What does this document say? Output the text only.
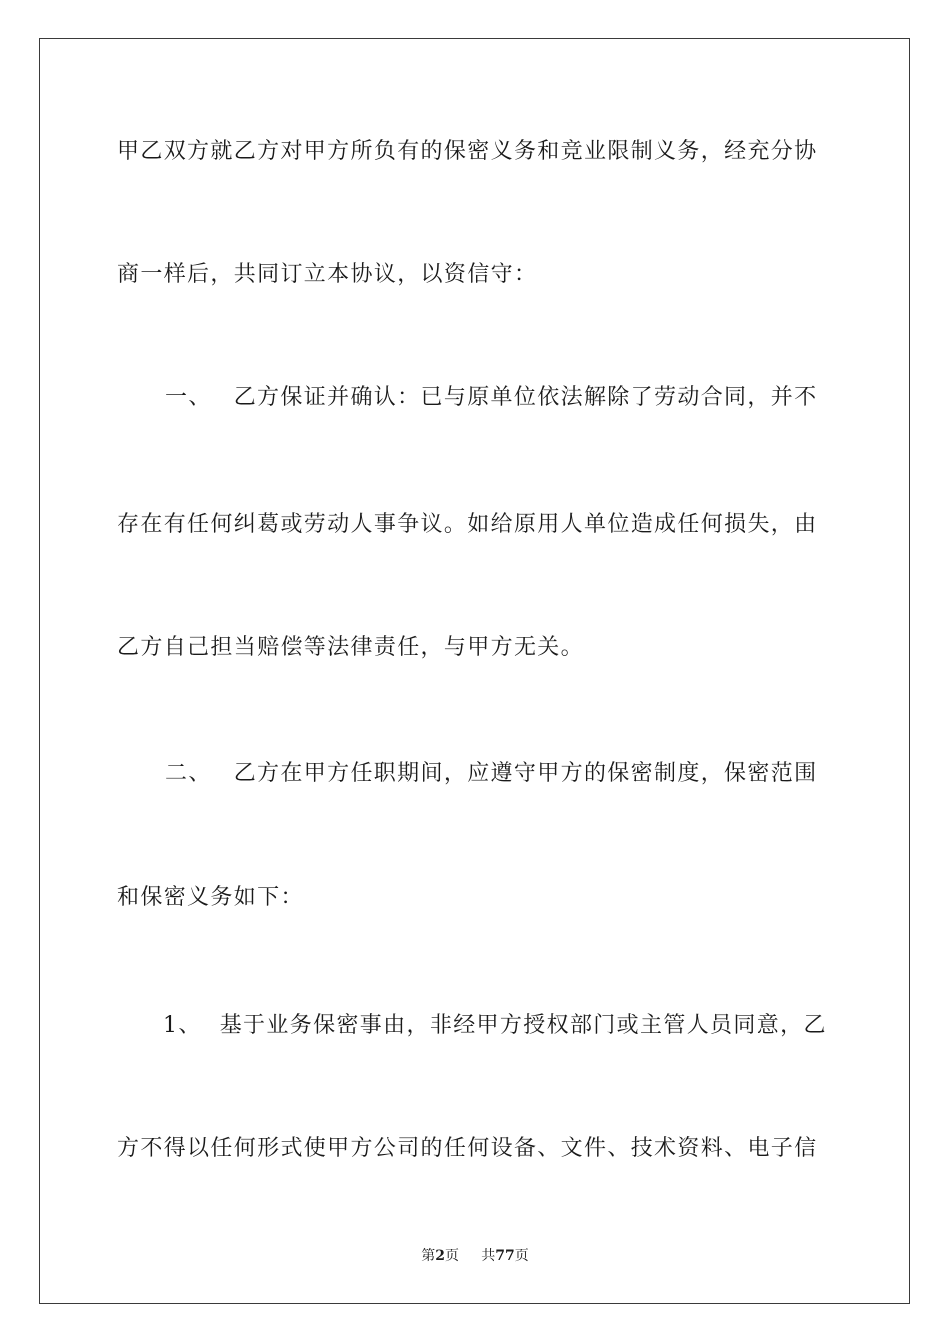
甲乙双方就乙方对甲方所负有的保密义务和竞业限制义务，经充分协
商一样后，共同订立本协议，以资信守：
一、 乙方保证并确认：已与原单位依法解除了劳动合同，并不
存在有任何纠葛或劳动人事争议。如给原用人单位造成任何损失，由
乙方自己担当赔偿等法律责任，与甲方无关。
二、 乙方在甲方任职期间，应遵守甲方的保密制度，保密范围
和保密义务如下：
1、 基于业务保密事由，非经甲方授权部门或主管人员同意，乙
方不得以任何形式使甲方公司的任何设备、文件、技术资料、电子信
第2页 共77页
